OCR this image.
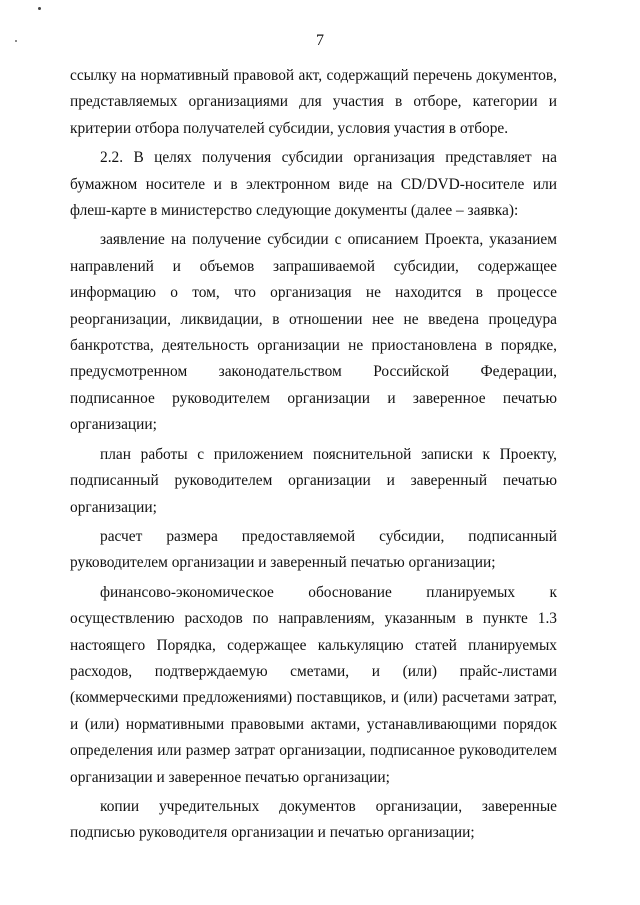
7

ссылку на нормативный правовой акт, содержащий перечень документов, представляемых организациями для участия в отборе, категории и критерии отбора получателей субсидии, условия участия в отборе.

2.2. В целях получения субсидии организация представляет на бумажном носителе и в электронном виде на CD/DVD-носителе или флеш-карте в министерство следующие документы (далее – заявка):

заявление на получение субсидии с описанием Проекта, указанием направлений и объемов запрашиваемой субсидии, содержащее информацию о том, что организация не находится в процессе реорганизации, ликвидации, в отношении нее не введена процедура банкротства, деятельность организации не приостановлена в порядке, предусмотренном законодательством Российской Федерации, подписанное руководителем организации и заверенное печатью организации;

план работы с приложением пояснительной записки к Проекту, подписанный руководителем организации и заверенный печатью организации;

расчет размера предоставляемой субсидии, подписанный руководителем организации и заверенный печатью организации;

финансово-экономическое обоснование планируемых к осуществлению расходов по направлениям, указанным в пункте 1.3 настоящего Порядка, содержащее калькуляцию статей планируемых расходов, подтверждаемую сметами, и (или) прайс-листами (коммерческими предложениями) поставщиков, и (или) расчетами затрат, и (или) нормативными правовыми актами, устанавливающими порядок определения или размер затрат организации, подписанное руководителем организации и заверенное печатью организации;

копии учредительных документов организации, заверенные подписью руководителя организации и печатью организации;
